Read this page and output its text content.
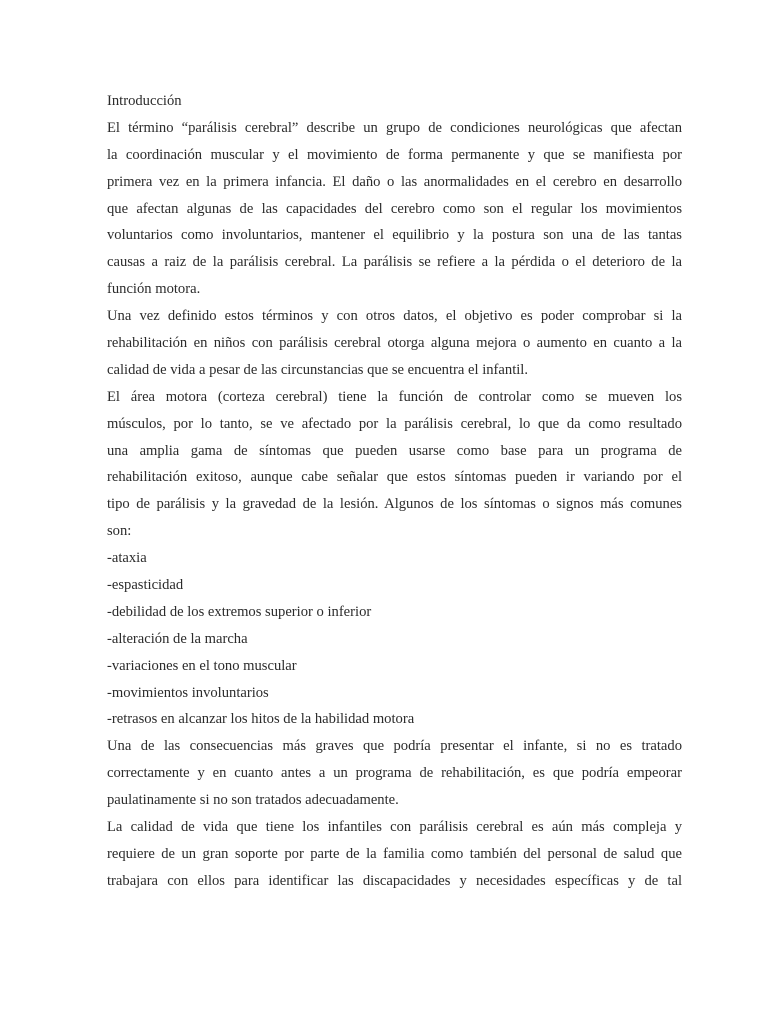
Introducción
El término “parálisis cerebral” describe un grupo de condiciones neurológicas que afectan
la coordinación muscular y el movimiento de forma permanente y que se manifiesta por
primera vez en la primera infancia. El daño o las anormalidades en el cerebro en desarrollo
que afectan algunas de las capacidades del cerebro como son el regular los movimientos
voluntarios como involuntarios, mantener el equilibrio y la postura son una de las tantas
causas a raiz de la parálisis cerebral. La parálisis se refiere a la pérdida o el deterioro de la
función motora.
Una vez definido estos términos y con otros datos, el objetivo es poder comprobar si la
rehabilitación en niños con parálisis cerebral otorga alguna mejora o aumento en cuanto a la
calidad de vida a pesar de las circunstancias que se encuentra el infantil.
El área motora (corteza cerebral) tiene la función de controlar como se mueven los
músculos, por lo tanto, se ve afectado por la parálisis cerebral, lo que da como resultado
una amplia gama de síntomas que pueden usarse como base para un programa de
rehabilitación exitoso, aunque cabe señalar que estos síntomas pueden ir variando por el
tipo de parálisis y la gravedad de la lesión. Algunos de los síntomas o signos más comunes
son:
-ataxia
-espasticidad
-debilidad de los extremos superior o inferior
-alteración de la marcha
-variaciones en el tono muscular
-movimientos involuntarios
-retrasos en alcanzar los hitos de la habilidad motora
Una de las consecuencias más graves que podría presentar el infante, si no es tratado
correctamente y en cuanto antes a un programa de rehabilitación, es que podría empeorar
paulatinamente si no son tratados adecuadamente.
La calidad de vida que tiene los infantiles con parálisis cerebral es aún más compleja y
requiere de un gran soporte por parte de la familia como también del personal de salud que
trabajara con ellos para identificar las discapacidades y necesidades específicas y de tal
